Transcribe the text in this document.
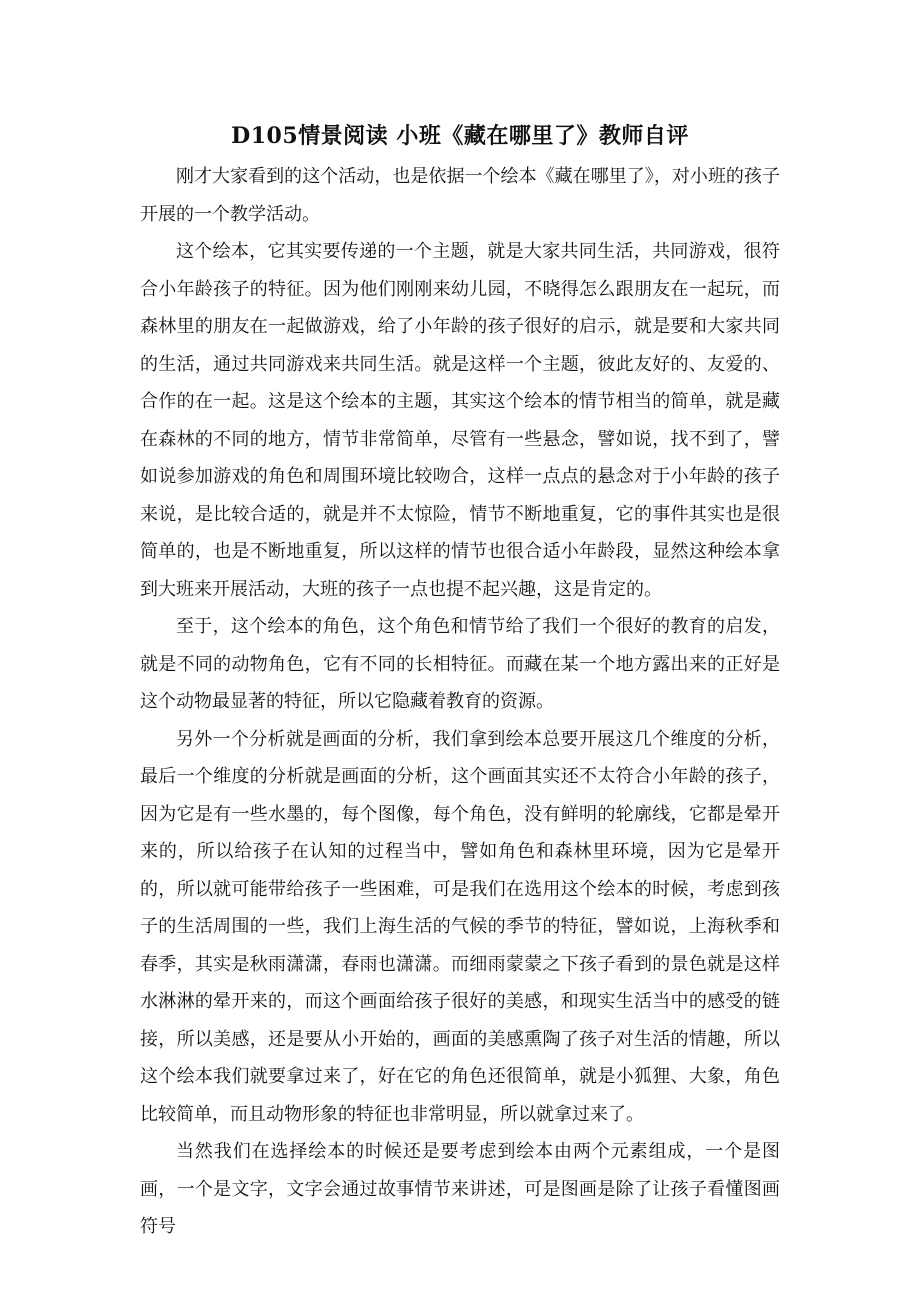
D105情景阅读 小班《藏在哪里了》教师自评

刚才大家看到的这个活动，也是依据一个绘本《藏在哪里了》，对小班的孩子开展的一个教学活动。

这个绘本，它其实要传递的一个主题，就是大家共同生活，共同游戏，很符合小年龄孩子的特征。因为他们刚刚来幼儿园，不晓得怎么跟朋友在一起玩，而森林里的朋友在一起做游戏，给了小年龄的孩子很好的启示，就是要和大家共同的生活，通过共同游戏来共同生活。就是这样一个主题，彼此友好的、友爱的、合作的在一起。这是这个绘本的主题，其实这个绘本的情节相当的简单，就是藏在森林的不同的地方，情节非常简单，尽管有一些悬念，譬如说，找不到了，譬如说参加游戏的角色和周围环境比较吻合，这样一点点的悬念对于小年龄的孩子来说，是比较合适的，就是并不太惊险，情节不断地重复，它的事件其实也是很简单的，也是不断地重复，所以这样的情节也很合适小年龄段，显然这种绘本拿到大班来开展活动，大班的孩子一点也提不起兴趣，这是肯定的。

至于，这个绘本的角色，这个角色和情节给了我们一个很好的教育的启发，就是不同的动物角色，它有不同的长相特征。而藏在某一个地方露出来的正好是这个动物最显著的特征，所以它隐藏着教育的资源。

另外一个分析就是画面的分析，我们拿到绘本总要开展这几个维度的分析，最后一个维度的分析就是画面的分析，这个画面其实还不太符合小年龄的孩子，因为它是有一些水墨的，每个图像，每个角色，没有鲜明的轮廓线，它都是晕开来的，所以给孩子在认知的过程当中，譬如角色和森林里环境，因为它是晕开的，所以就可能带给孩子一些困难，可是我们在选用这个绘本的时候，考虑到孩子的生活周围的一些，我们上海生活的气候的季节的特征，譬如说，上海秋季和春季，其实是秋雨潇潇，春雨也潇潇。而细雨蒙蒙之下孩子看到的景色就是这样水淋淋的晕开来的，而这个画面给孩子很好的美感，和现实生活当中的感受的链接，所以美感，还是要从小开始的，画面的美感熏陶了孩子对生活的情趣，所以这个绘本我们就要拿过来了，好在它的角色还很简单，就是小狐狸、大象，角色比较简单，而且动物形象的特征也非常明显，所以就拿过来了。

当然我们在选择绘本的时候还是要考虑到绘本由两个元素组成，一个是图画，一个是文字，文字会通过故事情节来讲述，可是图画是除了让孩子看懂图画符号
